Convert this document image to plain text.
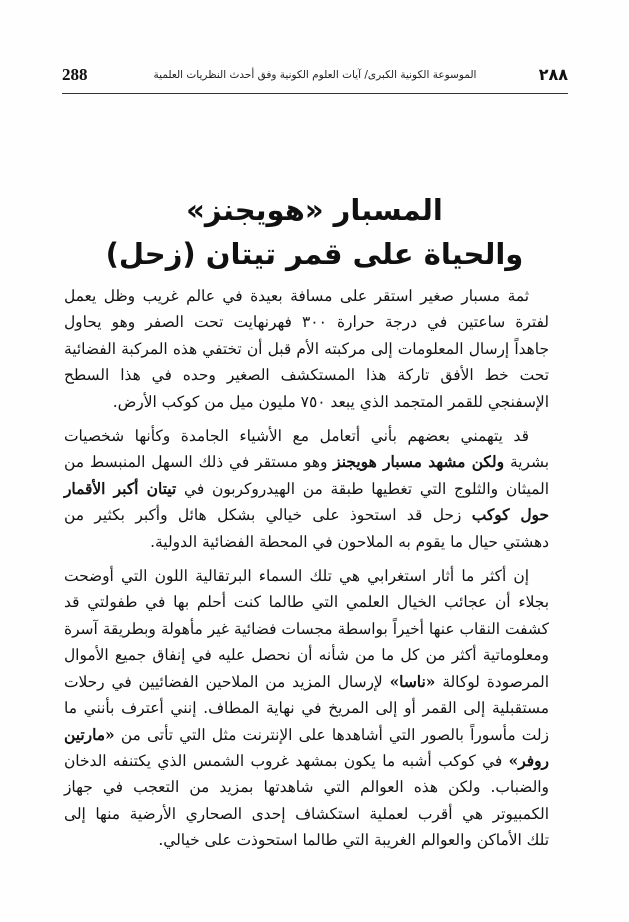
288	الموسوعة الكونية الكبرى/ آيات العلوم الكونية وفق أحدث النظريات العلمية	٢٨٨
المسبار «هويجنز»
والحياة على قمر تيتان (زحل)
ثمة مسبار صغير استقر على مسافة بعيدة في عالم غريب وظل يعمل
لفترة ساعتين في درجة حرارة ٣٠٠ فهرنهايت تحت الصفر وهو يحاول
جاهداً إرسال المعلومات إلى مركبته الأم قبل أن تختفي هذه المركبة الفضائية
تحت خط الأفق تاركة هذا المستكشف الصغير وحده في هذا السطح
الإسفنجي للقمر المتجمد الذي يبعد ٧٥٠ مليون ميل من كوكب الأرض.
قد يتهمني بعضهم بأني أتعامل مع الأشياء الجامدة وكأنها شخصيات
بشرية ولكن مشهد مسبار هويجنز وهو مستقر في ذلك السهل المنبسط من
الميثان والثلوج التي تغطيها طبقة من الهيدروكربون في تيتان أكبر الأقمار
حول كوكب زحل قد استحوذ على خيالي بشكل هائل وأكبر بكثير من
دهشتي حيال ما يقوم به الملاحون في المحطة الفضائية الدولية.
إن أكثر ما أثار استغرابي هي تلك السماء البرتقالية اللون التي أوضحت
بجلاء أن عجائب الخيال العلمي التي طالما كنت أحلم بها في طفولتي قد
كشفت النقاب عنها أخيراً بواسطة مجسات فضائية غير مأهولة وبطريقة آسرة
ومعلوماتية أكثر من كل ما من شأنه أن نحصل عليه في إنفاق جميع الأموال
المرصودة لوكالة «ناسا» لإرسال المزيد من الملاحين الفضائيين في رحلات
مستقبلية إلى القمر أو إلى المريخ في نهاية المطاف. إنني أعترف بأنني ما
زلت مأسوراً بالصور التي أشاهدها على الإنترنت مثل التي تأتى من «مارتين
روفر» في كوكب أشبه ما يكون بمشهد غروب الشمس الذي يكتنفه الدخان
والضباب. ولكن هذه العوالم التي شاهدتها بمزيد من التعجب في جهاز
الكمبيوتر هي أقرب لعملية استكشاف إحدى الصحاري الأرضية منها إلى
تلك الأماكن والعوالم الغريبة التي طالما استحوذت على خيالي.
